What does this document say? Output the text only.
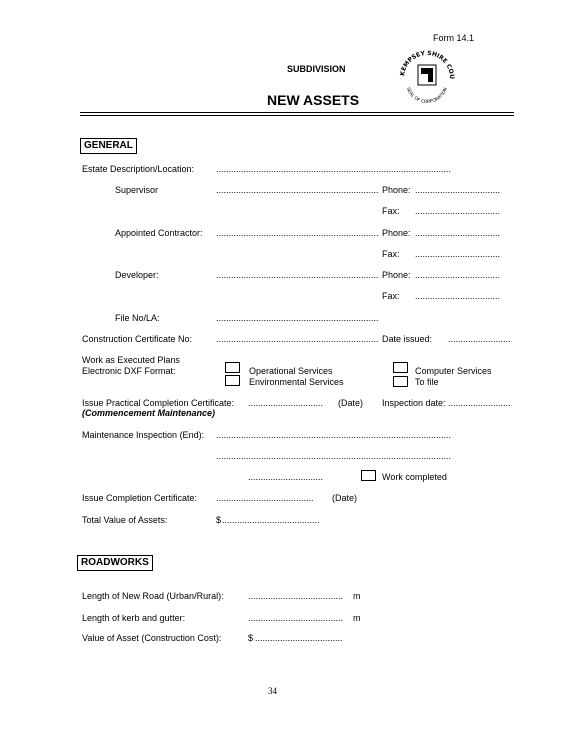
Form 14.1
SUBDIVISION
NEW ASSETS
KEMPSEY SHIRE COU
SEAL OF CORPORATION
GENERAL
Estate Description/Location: ..............................................................................................
Supervisor	................................................................. Phone: ..................................
Fax: ..................................
Appointed Contractor: ................................................................. Phone: ..................................
Fax: ..................................
Developer:	................................................................. Phone: ..................................
Fax: ..................................
File No/LA:	.................................................................
Construction Certificate No:	................................................................. Date issued: .........................
Work as Executed Plans
Electronic DXF Format:	Operational Services
Environmental Services
Computer Services
To file
Issue Practical Completion Certificate:
(Commencement Maintenance)
.............................. (Date) Inspection date: .........................
Maintenance Inspection (End): ..............................................................................................
..............................................................................................
..............................	Work completed
Issue Completion Certificate: ....................................... (Date)
Total Value of Assets:	$ .......................................
ROADWORKS
Length of New Road (Urban/Rural):	...................................... m
Length of kerb and gutter:	...................................... m
Value of Asset (Construction Cost):	$ ...................................
34
